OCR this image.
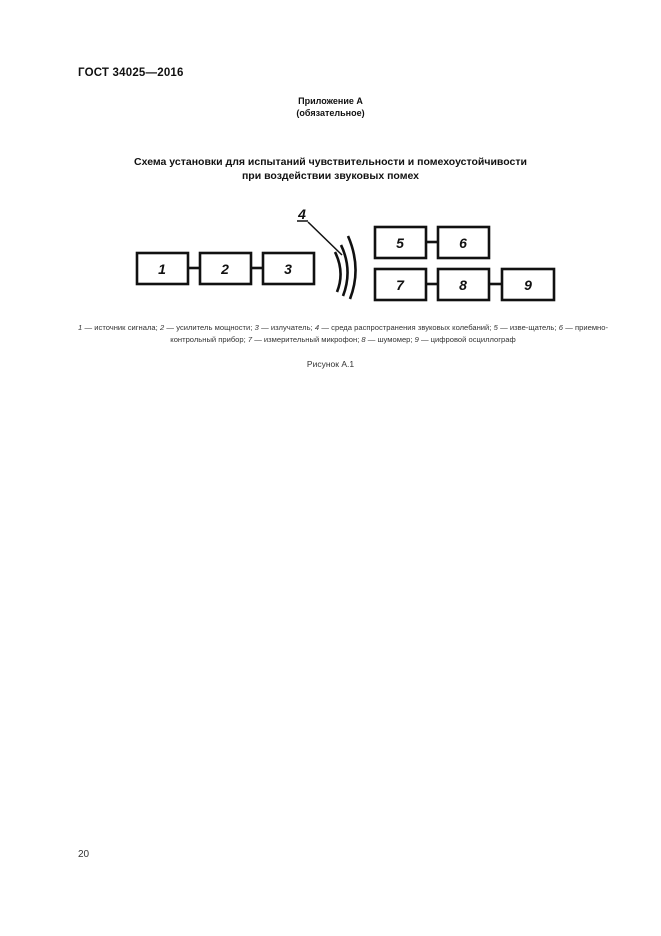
ГОСТ 34025—2016
Приложение А
(обязательное)
Схема установки для испытаний чувствительности и помехоустойчивости
при воздействии звуковых помех
1	2	3
4
5	6
7	8	9
1 — источник сигнала; 2 — усилитель мощности; 3 — излучатель; 4 — среда распространения звуковых колебаний; 5 — изве-щатель; 6 — приемно-контрольный прибор; 7 — измерительный микрофон; 8 — шумомер; 9 — цифровой осциллограф
Рисунок А.1
20
